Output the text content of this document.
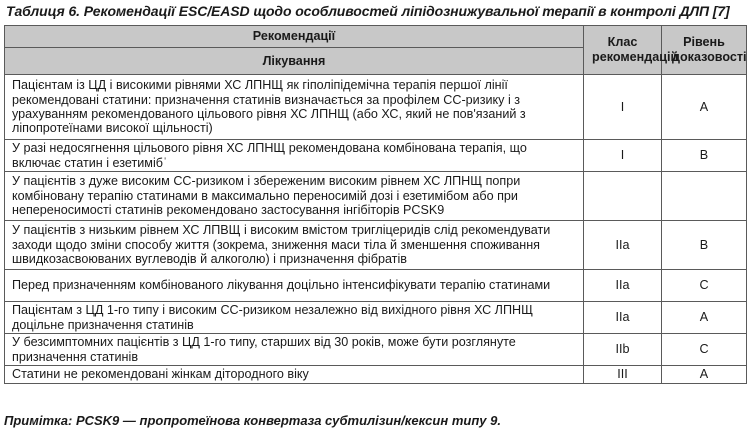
Таблиця 6. Рекомендації ESC/EASD щодо особливостей ліпідознижувальної терапії в контролі ДЛП [7]
Рекомендації	Клас рекомендацій	Рівень доказовості
Лікування		
Пацієнтам із ЦД і високими рівнями ХС ЛПНЩ як гіполіпідемічна терапія першої лінії рекомендовані статини: призначення статинів визначається за профілем СС-ризику і з урахуванням рекомендованого цільового рівня ХС ЛПНЩ (або ХС, який не пов'язаний з ліпопротеїнами високої щільності)	I	A
У разі недосягнення цільового рівня ХС ЛПНЩ рекомендована комбінована терапія, що включає статин і езетимібˈ	I	B
У пацієнтів з дуже високим СС-ризиком і збереженим високим рівнем ХС ЛПНЩ попри комбіновану терапію статинами в максимально переносимій дозі і езетимібом або при непереносимості статинів рекомендовано застосування інгібіторів PCSK9		
У пацієнтів з низьким рівнем ХС ЛПВЩ і високим вмістом тригліцеридів слід рекомендувати заходи щодо зміни способу життя (зокрема, зниження маси тіла й зменшення споживання швидкозасвоюваних вуглеводів й алкоголю) і призначення фібратів	IIa	B
Перед призначенням комбінованого лікування доцільно інтенсифікувати терапію статинами	IIa	C
Пацієнтам з ЦД 1-го типу і високим СС-ризиком незалежно від вихідного рівня ХС ЛПНЩ доцільне призначення статинів	IIa	A
У безсимптомних пацієнтів з ЦД 1-го типу, старших від 30 років, може бути розглянуте призначення статинів	IIb	C
Статини не рекомендовані жінкам дітородного віку	III	A
Примітка: PCSK9 — пропротеїнова конвертаза субтилізин/кексин типу 9.
